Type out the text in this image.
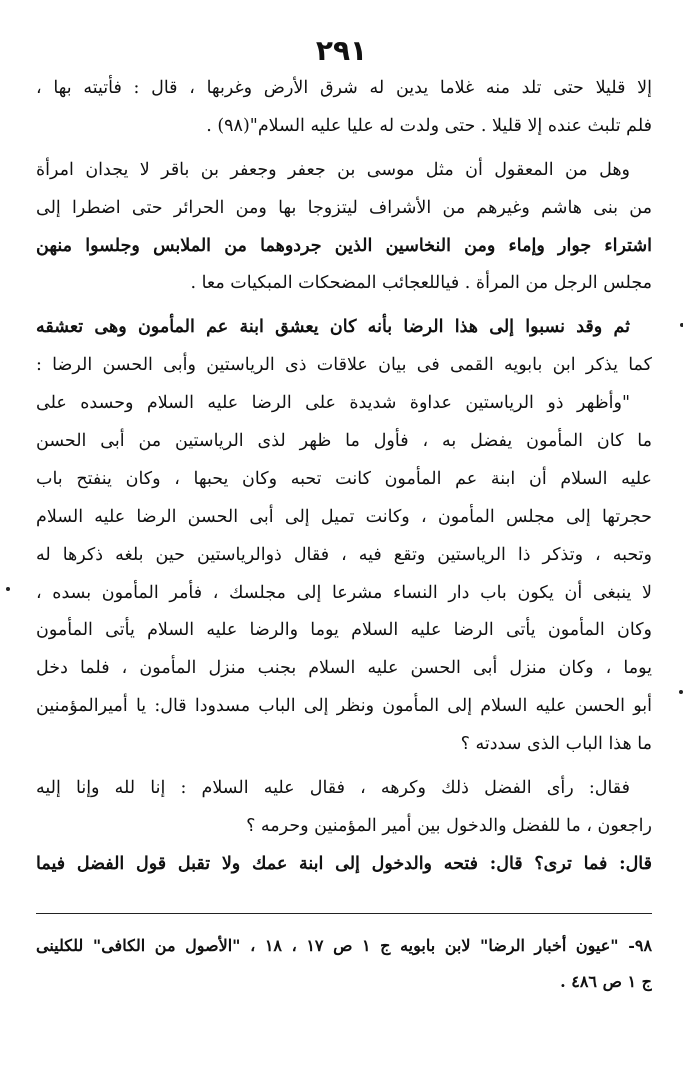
٢٩١
إلا قليلا حتى تلد منه غلاما يدين له شرق الأرض وغربها ، قال : فأتيته بها ،
فلم تلبث عنده إلا قليلا . حتى ولدت له عليا عليه السلام"(٩٨) .
وهل من المعقول أن مثل موسى بن جعفر وجعفر بن باقر لا يجدان امرأة
من بنى هاشم وغيرهم من الأشراف ليتزوجا بها ومن الحرائر حتى اضطرا إلى
اشتراء جوار وإماء ومن النخاسين الذين جردوهما من الملابس وجلسوا منهن
مجلس الرجل من المرأة . فياللعجائب المضحكات المبكيات معا .
ثم وقد نسبوا إلى هذا الرضا بأنه كان يعشق ابنة عم المأمون وهى تعشقه
كما يذكر ابن بابويه القمى فى بيان علاقات ذى الرياستين وأبى الحسن الرضا :
"وأظهر ذو الرياستين عداوة شديدة على الرضا عليه السلام وحسده على
ما كان المأمون يفضل به ، فأول ما ظهر لذى الرياستين من أبى الحسن
عليه السلام أن ابنة عم المأمون كانت تحبه وكان يحبها ، وكان ينفتح باب
حجرتها إلى مجلس المأمون ، وكانت تميل إلى أبى الحسن الرضا عليه السلام
وتحبه ، وتذكر ذا الرياستين وتقع فيه ، فقال ذوالرياستين حين بلغه ذكرها له
لا ينبغى أن يكون باب دار النساء مشرعا إلى مجلسك ، فأمر المأمون بسده ،
وكان المأمون يأتى الرضا عليه السلام يوما والرضا عليه السلام يأتى المأمون
يوما ، وكان منزل أبى الحسن عليه السلام بجنب منزل المأمون ، فلما دخل
أبو الحسن عليه السلام إلى المأمون ونظر إلى الباب مسدودا قال: يا أميرالمؤمنين
ما هذا الباب الذى سددته ؟
فقال: رأى الفضل ذلك وكرهه ، فقال عليه السلام : إنا لله وإنا إليه
راجعون ، ما للفضل والدخول بين أمير المؤمنين وحرمه ؟
قال: فما ترى؟ قال: فتحه والدخول إلى ابنة عمك ولا تقبل قول الفضل فيما
٩٨- "عيون أخبار الرضا" لابن بابويه ج ١ ص ١٧ ، ١٨ ، "الأصول من الكافى" للكلينى
ج ١ ص ٤٨٦ .
